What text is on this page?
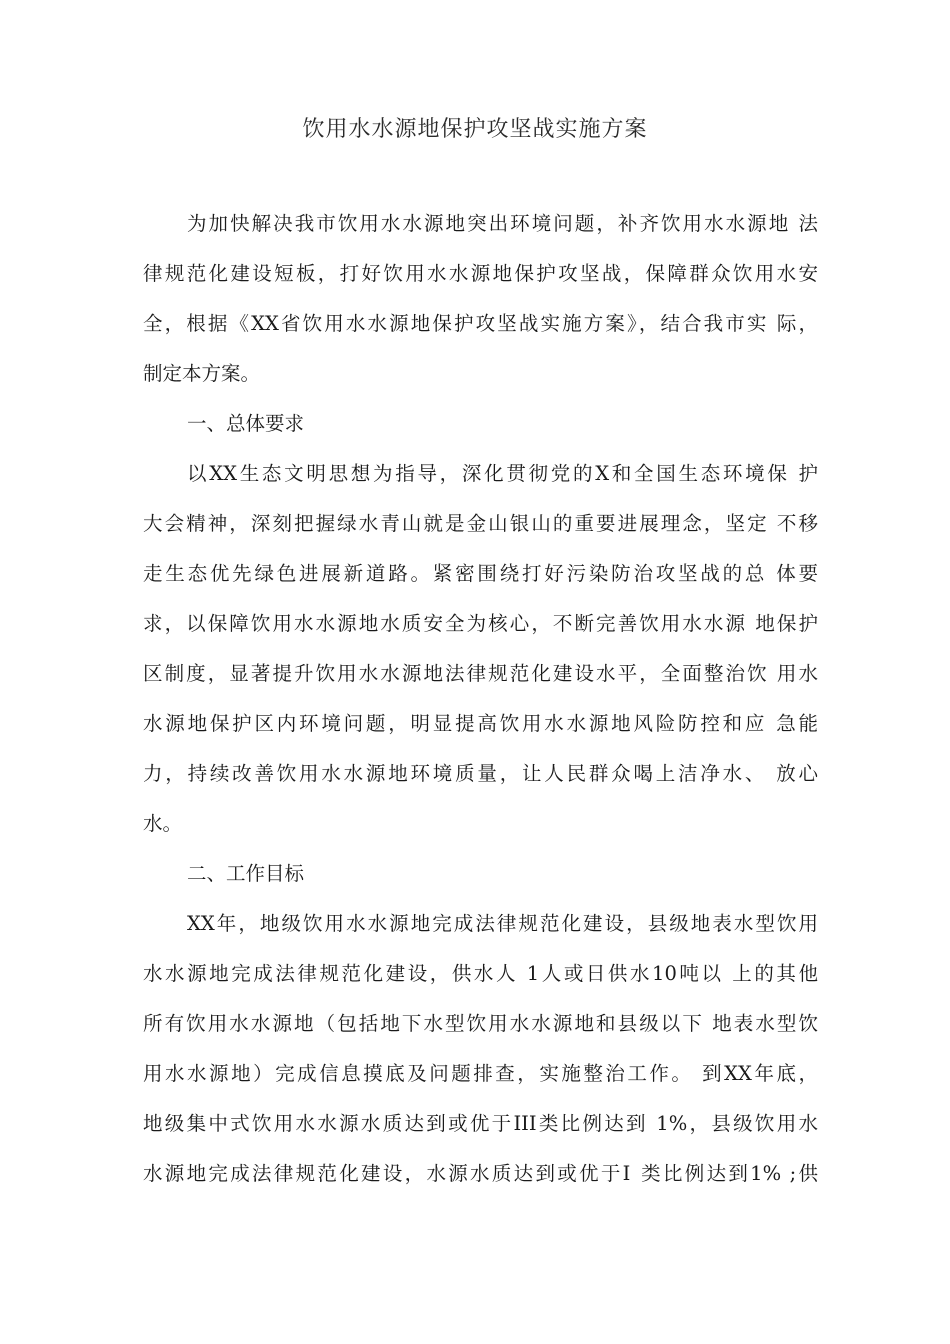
饮用水水源地保护攻坚战实施方案
为加快解决我市饮用水水源地突出环境问题，补齐饮用水水源地 法
律规范化建设短板，打好饮用水水源地保护攻坚战，保障群众饮用水安
全，根据《XX省饮用水水源地保护攻坚战实施方案》，结合我市实 际，
制定本方案。
一、总体要求
以XX生态文明思想为指导，深化贯彻党的X和全国生态环境保 护
大会精神，深刻把握绿水青山就是金山银山的重要进展理念，坚定 不移
走生态优先绿色进展新道路。紧密围绕打好污染防治攻坚战的总 体要
求，以保障饮用水水源地水质安全为核心，不断完善饮用水水源 地保护
区制度，显著提升饮用水水源地法律规范化建设水平，全面整治饮 用水
水源地保护区内环境问题，明显提高饮用水水源地风险防控和应 急能
力，持续改善饮用水水源地环境质量，让人民群众喝上洁净水、 放心
水。
二、工作目标
XX年，地级饮用水水源地完成法律规范化建设，县级地表水型饮用
水水源地完成法律规范化建设，供水人 1人或日供水10吨以 上的其他
所有饮用水水源地（包括地下水型饮用水水源地和县级以下 地表水型饮
用水水源地）完成信息摸底及问题排查，实施整治工作。 到XX年底，
地级集中式饮用水水源水质达到或优于III类比例达到 1%，县级饮用水
水源地完成法律规范化建设，水源水质达到或优于Ⅰ 类比例达到1% ;供
